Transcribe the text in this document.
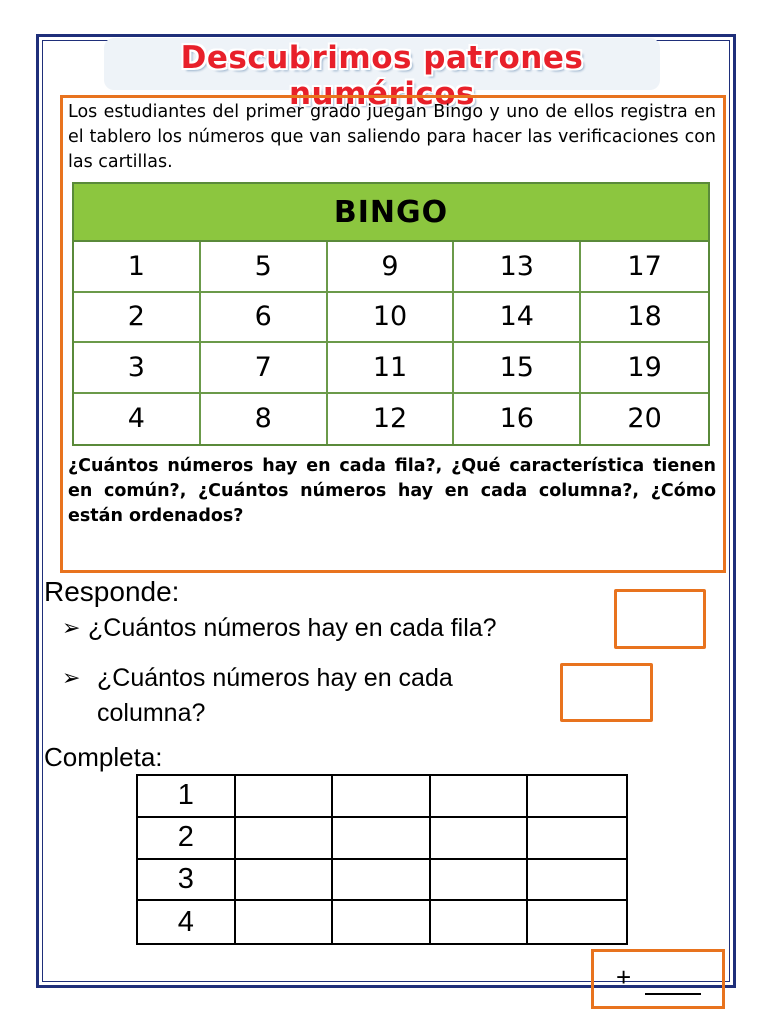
Descubrimos patrones numéricos
Los estudiantes del primer grado juegan Bingo y uno de ellos registra en el tablero los números que van saliendo para hacer las verificaciones con las cartillas.
BINGO
1	5	9	13	17
2	6	10	14	18
3	7	11	15	19
4	8	12	16	20
¿Cuántos números hay en cada fila?, ¿Qué característica tienen en común?, ¿Cuántos números hay en cada columna?, ¿Cómo están ordenados?
Responde:
➢ ¿Cuántos números hay en cada fila?
➢ ¿Cuántos números hay en cada
columna?
Completa:
1
2
3
4
+
